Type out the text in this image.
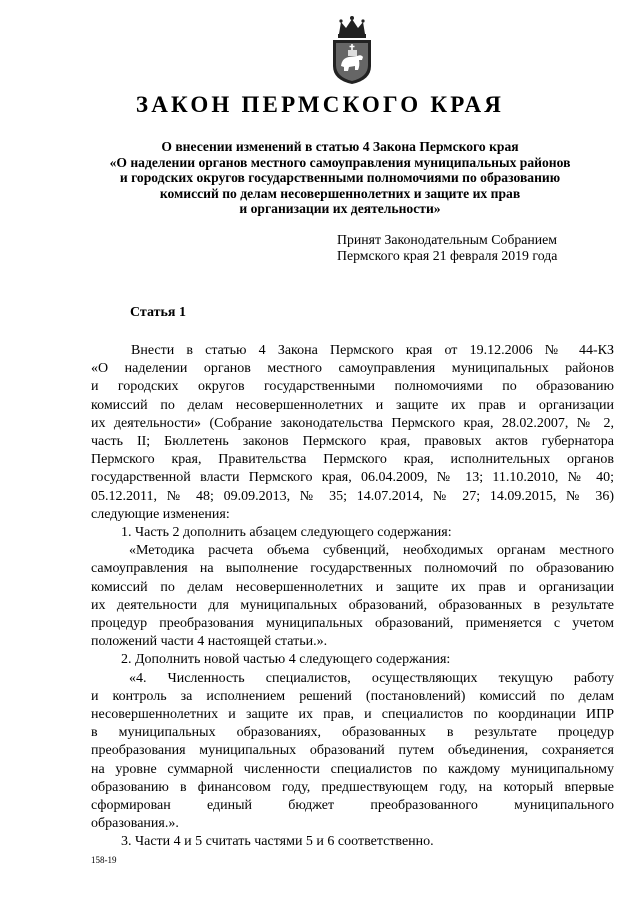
ЗАКОН ПЕРМСКОГО КРАЯ
О внесении изменений в статью 4 Закона Пермского края
«О наделении органов местного самоуправления муниципальных районов
и городских округов государственными полномочиями по образованию
комиссий по делам несовершеннолетних и защите их прав
и организации их деятельности»
Принят Законодательным Собранием
Пермского края 21 февраля 2019 года
Статья 1
Внести в статью 4 Закона Пермского края от 19.12.2006 № 44-КЗ
«О наделении органов местного самоуправления муниципальных районов
и городских округов государственными полномочиями по образованию
комиссий по делам несовершеннолетних и защите их прав и организации
их деятельности» (Собрание законодательства Пермского края, 28.02.2007, № 2,
часть II; Бюллетень законов Пермского края, правовых актов губернатора
Пермского края, Правительства Пермского края, исполнительных органов
государственной власти Пермского края, 06.04.2009, № 13; 11.10.2010, № 40;
05.12.2011, № 48; 09.09.2013, № 35; 14.07.2014, № 27; 14.09.2015, № 36)
следующие изменения:
1. Часть 2 дополнить абзацем следующего содержания:
«Методика расчета объема субвенций, необходимых органам местного
самоуправления на выполнение государственных полномочий по образованию
комиссий по делам несовершеннолетних и защите их прав и организации
их деятельности для муниципальных образований, образованных в результате
процедур преобразования муниципальных образований, применяется с учетом
положений части 4 настоящей статьи.».
2. Дополнить новой частью 4 следующего содержания:
«4. Численность специалистов, осуществляющих текущую работу
и контроль за исполнением решений (постановлений) комиссий по делам
несовершеннолетних и защите их прав, и специалистов по координации ИПР
в муниципальных образованиях, образованных в результате процедур
преобразования муниципальных образований путем объединения, сохраняется
на уровне суммарной численности специалистов по каждому муниципальному
образованию в финансовом году, предшествующем году, на который впервые
сформирован единый бюджет преобразованного муниципального
образования.».
3. Части 4 и 5 считать частями 5 и 6 соответственно.
158-19
